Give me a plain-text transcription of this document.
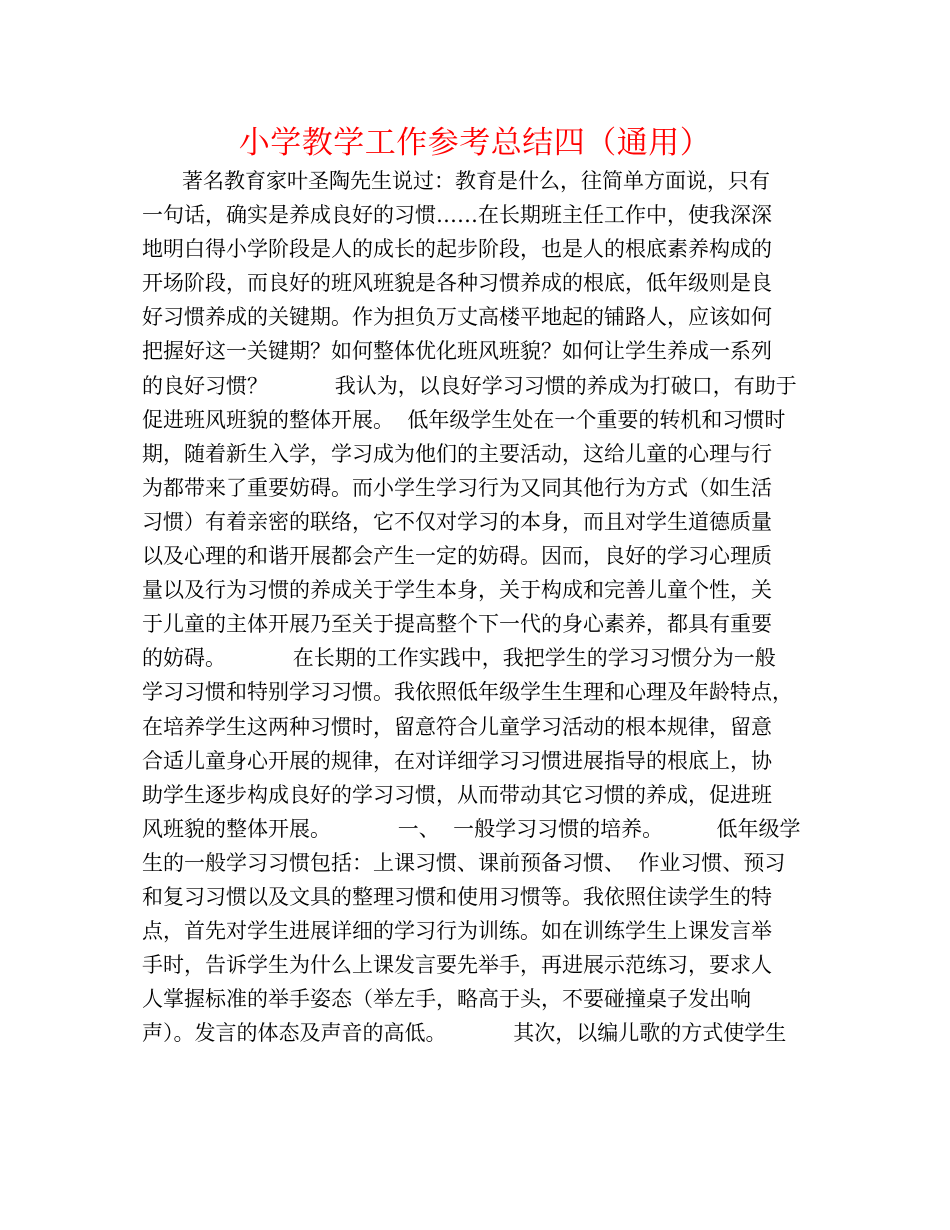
小学教学工作参考总结四（通用）
著名教育家叶圣陶先生说过：教育是什么，往简单方面说，只有
一句话，确实是养成良好的习惯……在长期班主任工作中，使我深深
地明白得小学阶段是人的成长的起步阶段，也是人的根底素养构成的
开场阶段，而良好的班风班貌是各种习惯养成的根底，低年级则是良
好习惯养成的关键期。作为担负万丈高楼平地起的铺路人，应该如何
把握好这一关键期？如何整体优化班风班貌？如何让学生养成一系列
的良好习惯？          我认为，以良好学习习惯的养成为打破口，有助于
促进班风班貌的整体开展。  低年级学生处在一个重要的转机和习惯时
期，随着新生入学，学习成为他们的主要活动，这给儿童的心理与行
为都带来了重要妨碍。而小学生学习行为又同其他行为方式（如生活
习惯）有着亲密的联络，它不仅对学习的本身，而且对学生道德质量
以及心理的和谐开展都会产生一定的妨碍。因而，良好的学习心理质
量以及行为习惯的养成关于学生本身，关于构成和完善儿童个性，关
于儿童的主体开展乃至关于提高整个下一代的身心素养，都具有重要
的妨碍。          在长期的工作实践中，我把学生的学习习惯分为一般
学习习惯和特别学习习惯。我依照低年级学生生理和心理及年龄特点，
在培养学生这两种习惯时，留意符合儿童学习活动的根本规律，留意
合适儿童身心开展的规律，在对详细学习习惯进展指导的根底上，协
助学生逐步构成良好的学习习惯，从而带动其它习惯的养成，促进班
风班貌的整体开展。          一、  一般学习习惯的培养。        低年级学
生的一般学习习惯包括：上课习惯、课前预备习惯、  作业习惯、预习
和复习习惯以及文具的整理习惯和使用习惯等。我依照住读学生的特
点，首先对学生进展详细的学习行为训练。如在训练学生上课发言举
手时，告诉学生为什么上课发言要先举手，再进展示范练习，要求人
人掌握标准的举手姿态（举左手，略高于头，不要碰撞桌子发出响
声）。发言的体态及声音的高低。          其次，以编儿歌的方式使学生
